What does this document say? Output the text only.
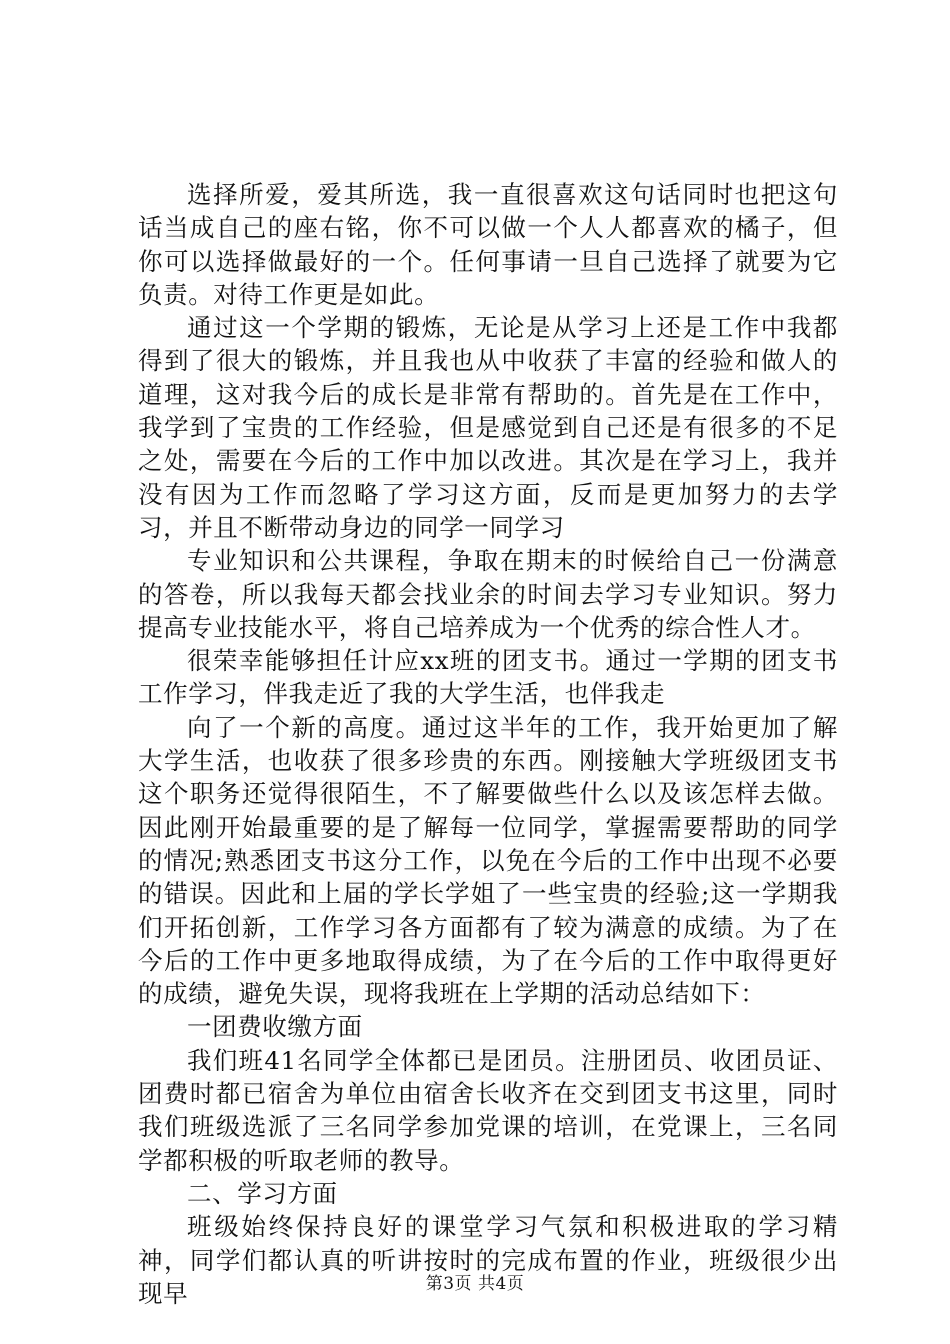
选择所爱，爱其所选，我一直很喜欢这句话同时也把这句话当成自己的座右铭，你不可以做一个人人都喜欢的橘子，但你可以选择做最好的一个。任何事请一旦自己选择了就要为它负责。对待工作更是如此。

通过这一个学期的锻炼，无论是从学习上还是工作中我都得到了很大的锻炼，并且我也从中收获了丰富的经验和做人的道理，这对我今后的成长是非常有帮助的。首先是在工作中，我学到了宝贵的工作经验，但是感觉到自己还是有很多的不足之处，需要在今后的工作中加以改进。其次是在学习上，我并没有因为工作而忽略了学习这方面，反而是更加努力的去学习，并且不断带动身边的同学一同学习

专业知识和公共课程，争取在期末的时候给自己一份满意的答卷，所以我每天都会找业余的时间去学习专业知识。努力提高专业技能水平，将自己培养成为一个优秀的综合性人才。

很荣幸能够担任计应xx班的团支书。通过一学期的团支书工作学习，伴我走近了我的大学生活，也伴我走

向了一个新的高度。通过这半年的工作，我开始更加了解大学生活，也收获了很多珍贵的东西。刚接触大学班级团支书这个职务还觉得很陌生，不了解要做些什么以及该怎样去做。因此刚开始最重要的是了解每一位同学，掌握需要帮助的同学的情况;熟悉团支书这分工作，以免在今后的工作中出现不必要的错误。因此和上届的学长学姐了一些宝贵的经验;这一学期我们开拓创新，工作学习各方面都有了较为满意的成绩。为了在今后的工作中更多地取得成绩，为了在今后的工作中取得更好的成绩，避免失误，现将我班在上学期的活动总结如下：

一团费收缴方面

我们班41名同学全体都已是团员。注册团员、收团员证、团费时都已宿舍为单位由宿舍长收齐在交到团支书这里，同时我们班级选派了三名同学参加党课的培训，在党课上，三名同学都积极的听取老师的教导。

二、学习方面

班级始终保持良好的课堂学习气氛和积极进取的学习精神，同学们都认真的听讲按时的完成布置的作业，班级很少出现早	第3页 共4页
